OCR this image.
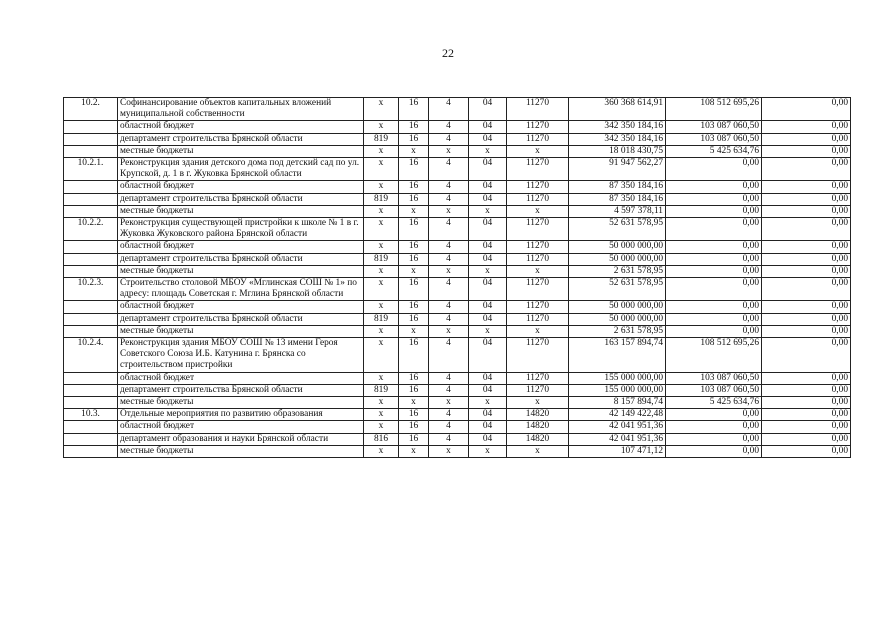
22
10.2.	Софинансирование объектов капитальных вложений муниципальной собственности	x	16	4	04	11270	360 368 614,91	108 512 695,26	0,00
	областной бюджет	x	16	4	04	11270	342 350 184,16	103 087 060,50	0,00
	департамент строительства Брянской области	819	16	4	04	11270	342 350 184,16	103 087 060,50	0,00
	местные бюджеты	x	x	x	x	x	18 018 430,75	5 425 634,76	0,00
10.2.1.	Реконструкция здания детского дома под детский сад по ул. Крупской, д. 1 в г. Жуковка Брянской области	x	16	4	04	11270	91 947 562,27	0,00	0,00
	областной бюджет	x	16	4	04	11270	87 350 184,16	0,00	0,00
	департамент строительства Брянской области	819	16	4	04	11270	87 350 184,16	0,00	0,00
	местные бюджеты	x	x	x	x	x	4 597 378,11	0,00	0,00
10.2.2.	Реконструкция существующей пристройки к школе № 1 в г. Жуковка Жуковского района Брянской области	x	16	4	04	11270	52 631 578,95	0,00	0,00
	областной бюджет	x	16	4	04	11270	50 000 000,00	0,00	0,00
	департамент строительства Брянской области	819	16	4	04	11270	50 000 000,00	0,00	0,00
	местные бюджеты	x	x	x	x	x	2 631 578,95	0,00	0,00
10.2.3.	Строительство столовой МБОУ «Мглинская СОШ № 1» по адресу: площадь Советская г. Мглина Брянской области	x	16	4	04	11270	52 631 578,95	0,00	0,00
	областной бюджет	x	16	4	04	11270	50 000 000,00	0,00	0,00
	департамент строительства Брянской области	819	16	4	04	11270	50 000 000,00	0,00	0,00
	местные бюджеты	x	x	x	x	x	2 631 578,95	0,00	0,00
10.2.4.	Реконструкция здания МБОУ СОШ № 13 имени Героя Советского Союза И.Б. Катунина г. Брянска со строительством пристройки	x	16	4	04	11270	163 157 894,74	108 512 695,26	0,00
	областной бюджет	x	16	4	04	11270	155 000 000,00	103 087 060,50	0,00
	департамент строительства Брянской области	819	16	4	04	11270	155 000 000,00	103 087 060,50	0,00
	местные бюджеты	x	x	x	x	x	8 157 894,74	5 425 634,76	0,00
10.3.	Отдельные мероприятия по развитию образования	x	16	4	04	14820	42 149 422,48	0,00	0,00
	областной бюджет	x	16	4	04	14820	42 041 951,36	0,00	0,00
	департамент образования и науки Брянской области	816	16	4	04	14820	42 041 951,36	0,00	0,00
	местные бюджеты	x	x	x	x	x	107 471,12	0,00	0,00
